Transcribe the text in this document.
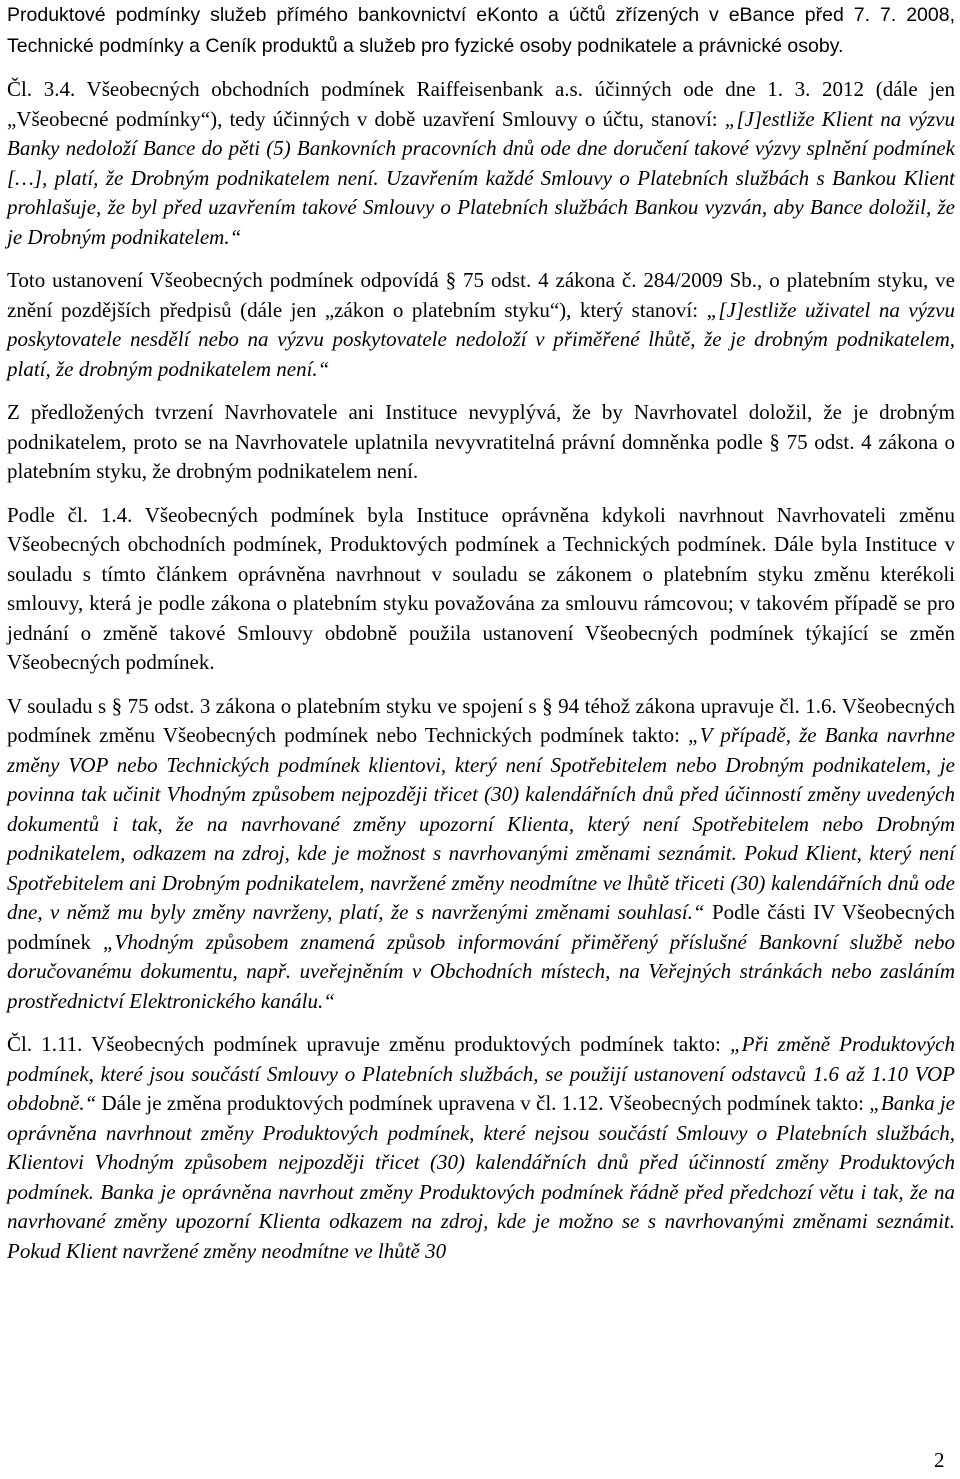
Produktové podmínky služeb přímého bankovnictví eKonto a účtů zřízených v eBance před 7. 7. 2008, Technické podmínky a Ceník produktů a služeb pro fyzické osoby podnikatele a právnické osoby.

Čl. 3.4. Všeobecných obchodních podmínek Raiffeisenbank a.s. účinných ode dne 1. 3. 2012 (dále jen „Všeobecné podmínky“), tedy účinných v době uzavření Smlouvy o účtu, stanoví: „[J]estliže Klient na výzvu Banky nedoloží Bance do pěti (5) Bankovních pracovních dnů ode dne doručení takové výzvy splnění podmínek […], platí, že Drobným podnikatelem není. Uzavřením každé Smlouvy o Platebních službách s Bankou Klient prohlašuje, že byl před uzavřením takové Smlouvy o Platebních službách Bankou vyzván, aby Bance doložil, že je Drobným podnikatelem.“

Toto ustanovení Všeobecných podmínek odpovídá § 75 odst. 4 zákona č. 284/2009 Sb., o platebním styku, ve znění pozdějších předpisů (dále jen „zákon o platebním styku“), který stanoví: „[J]estliže uživatel na výzvu poskytovatele nesdělí nebo na výzvu poskytovatele nedoloží v přiměřené lhůtě, že je drobným podnikatelem, platí, že drobným podnikatelem není.“

Z předložených tvrzení Navrhovatele ani Instituce nevyplývá, že by Navrhovatel doložil, že je drobným podnikatelem, proto se na Navrhovatele uplatnila nevyvratitelná právní domněnka podle § 75 odst. 4 zákona o platebním styku, že drobným podnikatelem není.

Podle čl. 1.4. Všeobecných podmínek byla Instituce oprávněna kdykoli navrhnout Navrhovateli změnu Všeobecných obchodních podmínek, Produktových podmínek a Technických podmínek. Dále byla Instituce v souladu s tímto článkem oprávněna navrhnout v souladu se zákonem o platebním styku změnu kterékoli smlouvy, která je podle zákona o platebním styku považována za smlouvu rámcovou; v takovém případě se pro jednání o změně takové Smlouvy obdobně použila ustanovení Všeobecných podmínek týkající se změn Všeobecných podmínek.

V souladu s § 75 odst. 3 zákona o platebním styku ve spojení s § 94 téhož zákona upravuje čl. 1.6. Všeobecných podmínek změnu Všeobecných podmínek nebo Technických podmínek takto: „V případě, že Banka navrhne změny VOP nebo Technických podmínek klientovi, který není Spotřebitelem nebo Drobným podnikatelem, je povinna tak učinit Vhodným způsobem nejpozději třicet (30) kalendářních dnů před účinností změny uvedených dokumentů i tak, že na navrhované změny upozorní Klienta, který není Spotřebitelem nebo Drobným podnikatelem, odkazem na zdroj, kde je možnost s navrhovanými změnami seznámit. Pokud Klient, který není Spotřebitelem ani Drobným podnikatelem, navržené změny neodmítne ve lhůtě třiceti (30) kalendářních dnů ode dne, v němž mu byly změny navrženy, platí, že s navrženými změnami souhlasí.“ Podle části IV Všeobecných podmínek „Vhodným způsobem znamená způsob informování přiměřený příslušné Bankovní službě nebo doručovanému dokumentu, např. uveřejněním v Obchodních místech, na Veřejných stránkách nebo zasláním prostřednictví Elektronického kanálu.“

Čl. 1.11. Všeobecných podmínek upravuje změnu produktových podmínek takto: „Při změně Produktových podmínek, které jsou součástí Smlouvy o Platebních službách, se použijí ustanovení odstavců 1.6 až 1.10 VOP obdobně.“ Dále je změna produktových podmínek upravena v čl. 1.12. Všeobecných podmínek takto: „Banka je oprávněna navrhnout změny Produktových podmínek, které nejsou součástí Smlouvy o Platebních službách, Klientovi Vhodným způsobem nejpozději třicet (30) kalendářních dnů před účinností změny Produktových podmínek. Banka je oprávněna navrhout změny Produktových podmínek řádně před předchozí větu i tak, že na navrhované změny upozorní Klienta odkazem na zdroj, kde je možno se s navrhovanými změnami seznámit. Pokud Klient navržené změny neodmítne ve lhůtě 30

2
